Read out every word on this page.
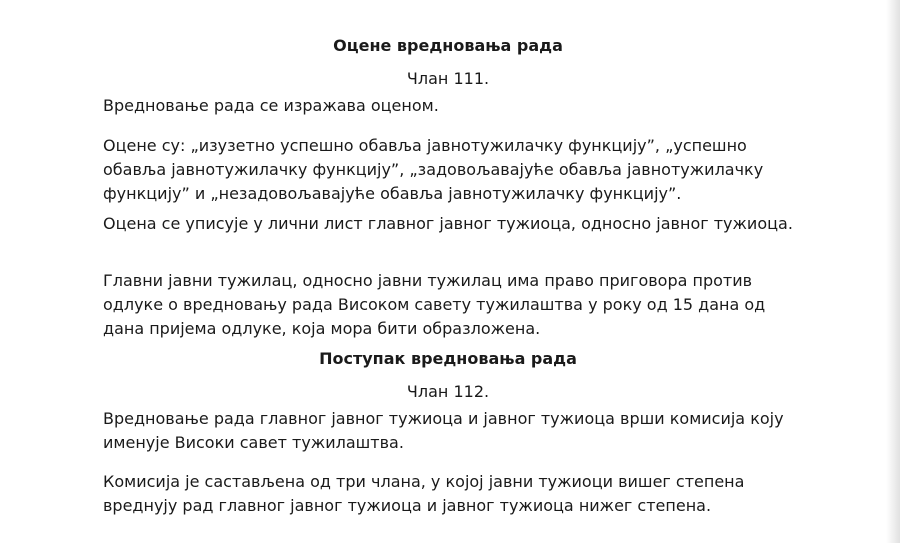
Оцене вредновања рада
Члан 111.

Вредновање рада се изражава оценом.

Оцене су: „изузетно успешно обавља јавнотужилачку функцију”, „успешно обавља јавнотужилачку функцију”, „задовољавајуће обавља јавнотужилачку функцију” и „незадовољавајуће обавља јавнотужилачку функцију”.

Оцена се уписује у лични лист главног јавног тужиоца, односно јавног тужиоца.

Главни јавни тужилац, односно јавни тужилац има право приговора против одлуке о вредновању рада Високом савету тужилаштва у року од 15 дана од дана пријема одлуке, која мора бити образложена.

Поступак вредновања рада
Члан 112.

Вредновање рада главног јавног тужиоца и јавног тужиоца врши комисија коју именује Високи савет тужилаштва.

Комисија је састављена од три члана, у којој јавни тужиоци вишег степена вреднују рад главног јавног тужиоца и јавног тужиоца нижег степена.
